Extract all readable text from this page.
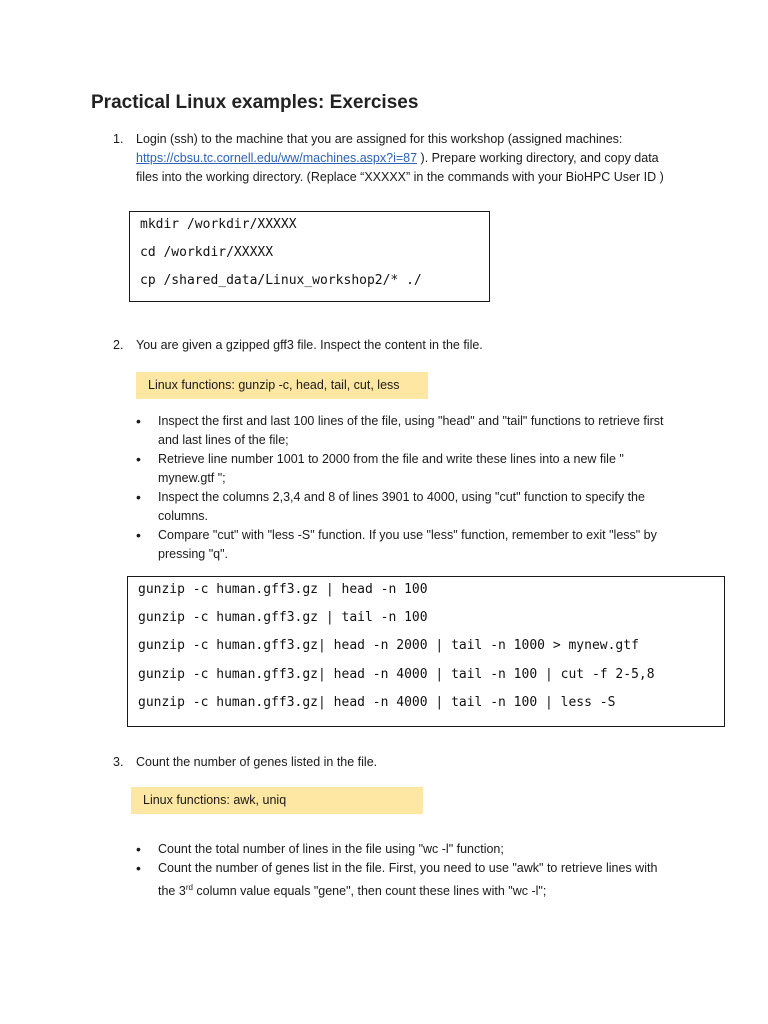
Practical Linux examples: Exercises
1. Login (ssh) to the machine that you are assigned for this workshop (assigned machines: https://cbsu.tc.cornell.edu/ww/machines.aspx?i=87 ). Prepare working directory, and copy data files into the working directory. (Replace “XXXXX” in the commands with your BioHPC User ID )
mkdir /workdir/XXXXX
cd /workdir/XXXXX
cp /shared_data/Linux_workshop2/* ./
2. You are given a gzipped gff3 file. Inspect the content in the file.
Linux functions: gunzip -c, head, tail, cut, less
• Inspect the first and last 100 lines of the file, using "head" and "tail" functions to retrieve first and last lines of the file;
• Retrieve line number 1001 to 2000 from the file and write these lines into a new file " mynew.gtf ";
• Inspect the columns 2,3,4 and 8 of lines 3901 to 4000, using "cut" function to specify the columns.
• Compare "cut" with "less -S" function. If you use "less" function, remember to exit "less" by pressing "q".
gunzip -c human.gff3.gz | head -n 100
gunzip -c human.gff3.gz | tail -n 100
gunzip -c human.gff3.gz| head -n 2000 | tail -n 1000 > mynew.gtf
gunzip -c human.gff3.gz| head -n 4000 | tail -n 100 | cut -f 2-5,8
gunzip -c human.gff3.gz| head -n 4000 | tail -n 100 | less -S
3. Count the number of genes listed in the file.
Linux functions: awk, uniq
• Count the total number of lines in the file using "wc -l" function;
• Count the number of genes list in the file. First, you need to use "awk" to retrieve lines with the 3rd column value equals "gene", then count these lines with "wc -l";
